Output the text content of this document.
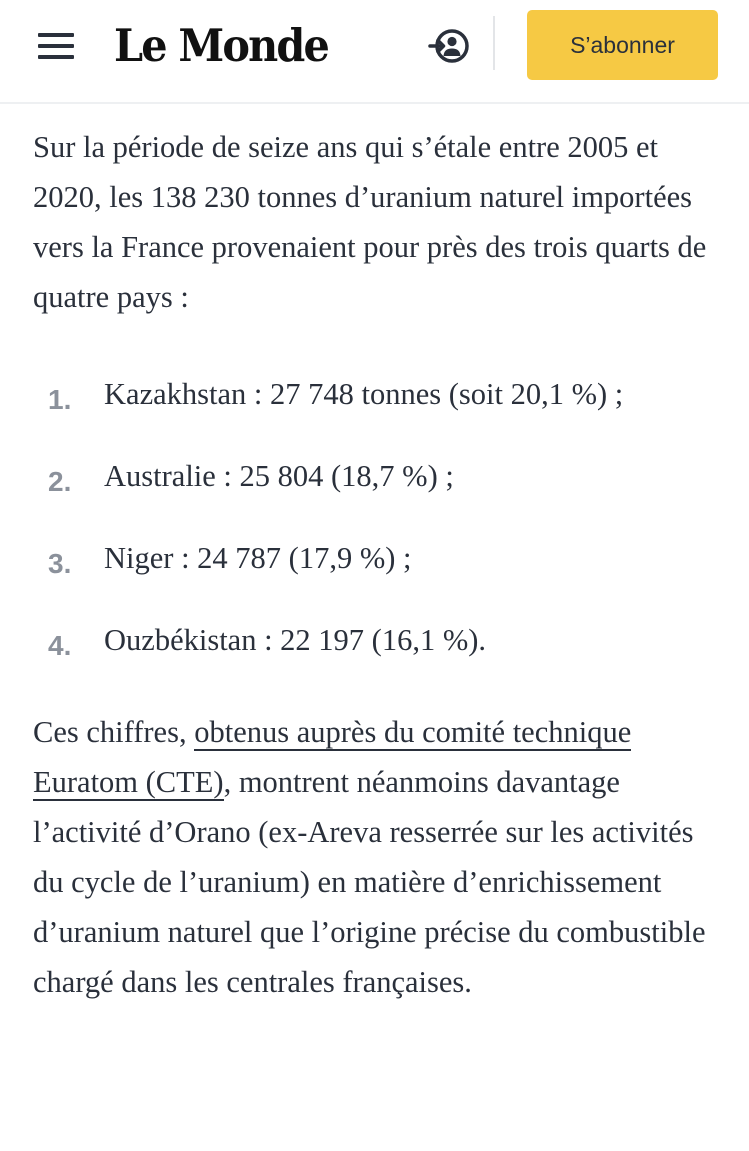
Le Monde	S’abonner

Sur la période de seize ans qui s’étale entre 2005 et 2020, les 138 230 tonnes d’uranium naturel importées vers la France provenaient pour près des trois quarts de quatre pays :

1. Kazakhstan : 27 748 tonnes (soit 20,1 %) ;
2. Australie : 25 804 (18,7 %) ;
3. Niger : 24 787 (17,9 %) ;
4. Ouzbékistan : 22 197 (16,1 %).

Ces chiffres, obtenus auprès du comité technique Euratom (CTE), montrent néanmoins davantage l’activité d’Orano (ex-Areva resserrée sur les activités du cycle de l’uranium) en matière d’enrichissement d’uranium naturel que l’origine précise du combustible chargé dans les centrales françaises.
